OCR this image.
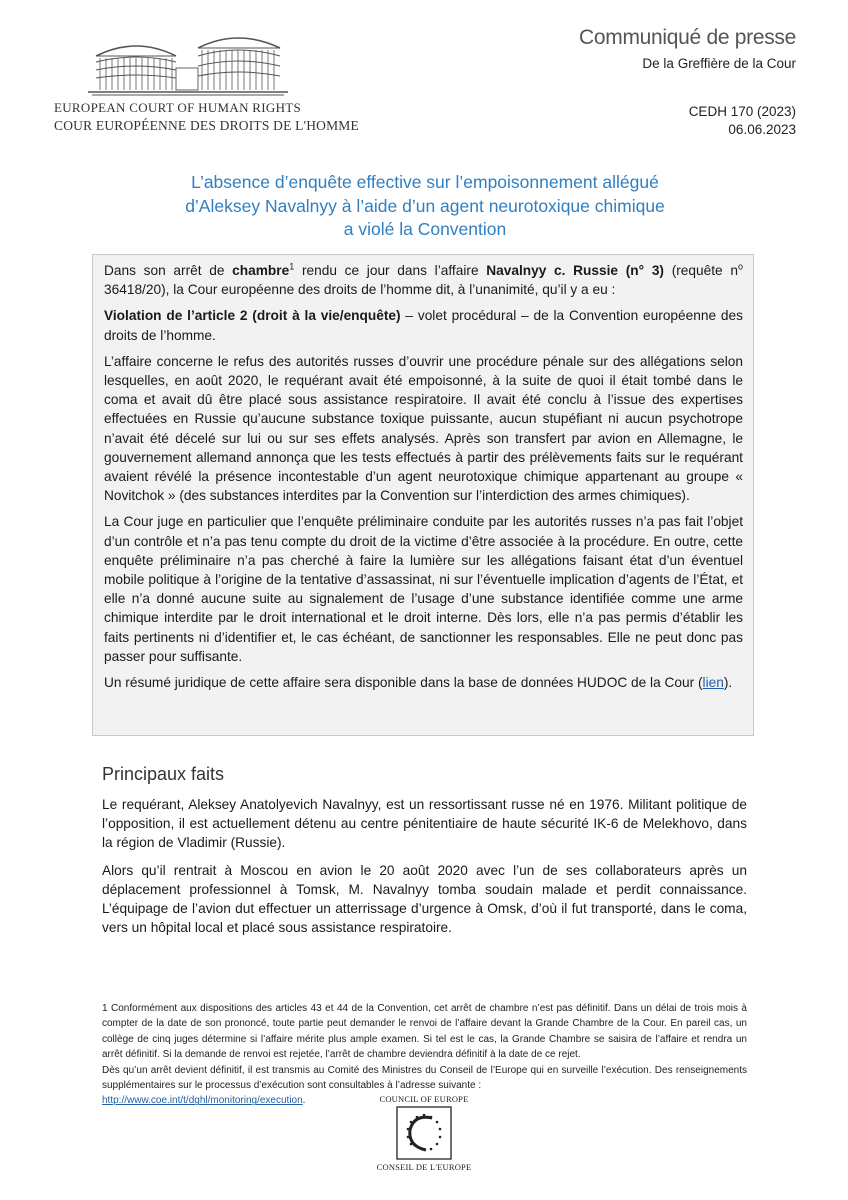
EUROPEAN COURT OF HUMAN RIGHTS
COUR EUROPÉENNE DES DROITS DE L'HOMME
Communiqué de presse
De la Greffière de la Cour
CEDH 170 (2023)
06.06.2023
L’absence d’enquête effective sur l’empoisonnement allégué
d’Aleksey Navalnyy à l’aide d’un agent neurotoxique chimique
a violé la Convention

Dans son arrêt de chambre$^1$ rendu ce jour dans l’affaire Navalnyy c. Russie (n° 3) (requête $n^o$ 36418/20), la Cour européenne des droits de l’homme dit, à l’unanimité, qu’il y a eu :

Violation de l’article 2 (droit à la vie/enquête) – volet procédural – de la Convention européenne des droits de l’homme.

L’affaire concerne le refus des autorités russes d’ouvrir une procédure pénale sur des allégations selon lesquelles, en août 2020, le requérant avait été empoisonné, à la suite de quoi il était tombé dans le coma et avait dû être placé sous assistance respiratoire. Il avait été conclu à l’issue des expertises effectuées en Russie qu’aucune substance toxique puissante, aucun stupéfiant ni aucun psychotrope n’avait été décelé sur lui ou sur ses effets analysés. Après son transfert par avion en Allemagne, le gouvernement allemand annonça que les tests effectués à partir des prélèvements faits sur le requérant avaient révélé la présence incontestable d’un agent neurotoxique chimique appartenant au groupe « Novitchok » (des substances interdites par la Convention sur l’interdiction des armes chimiques).

La Cour juge en particulier que l’enquête préliminaire conduite par les autorités russes n’a pas fait l’objet d’un contrôle et n’a pas tenu compte du droit de la victime d’être associée à la procédure. En outre, cette enquête préliminaire n’a pas cherché à faire la lumière sur les allégations faisant état d’un éventuel mobile politique à l’origine de la tentative d’assassinat, ni sur l’éventuelle implication d’agents de l’État, et elle n’a donné aucune suite au signalement de l’usage d’une substance identifiée comme une arme chimique interdite par le droit international et le droit interne. Dès lors, elle n’a pas permis d’établir les faits pertinents ni d’identifier et, le cas échéant, de sanctionner les responsables. Elle ne peut donc pas passer pour suffisante.

Un résumé juridique de cette affaire sera disponible dans la base de données HUDOC de la Cour (lien).

Principaux faits

Le requérant, Aleksey Anatolyevich Navalnyy, est un ressortissant russe né en 1976. Militant politique de l’opposition, il est actuellement détenu au centre pénitentiaire de haute sécurité IK-6 de Melekhovo, dans la région de Vladimir (Russie).

Alors qu’il rentrait à Moscou en avion le 20 août 2020 avec l’un de ses collaborateurs après un déplacement professionnel à Tomsk, M. Navalnyy tomba soudain malade et perdit connaissance. L’équipage de l’avion dut effectuer un atterrissage d’urgence à Omsk, d’où il fut transporté, dans le coma, vers un hôpital local et placé sous assistance respiratoire.

1 Conformément aux dispositions des articles 43 et 44 de la Convention, cet arrêt de chambre n’est pas définitif. Dans un délai de trois mois à compter de la date de son prononcé, toute partie peut demander le renvoi de l’affaire devant la Grande Chambre de la Cour. En pareil cas, un collège de cinq juges détermine si l’affaire mérite plus ample examen. Si tel est le cas, la Grande Chambre se saisira de l’affaire et rendra un arrêt définitif. Si la demande de renvoi est rejetée, l’arrêt de chambre deviendra définitif à la date de ce rejet.

Dès qu’un arrêt devient définitif, il est transmis au Comité des Ministres du Conseil de l’Europe qui en surveille l’exécution. Des renseignements supplémentaires sur le processus d’exécution sont consultables à l’adresse suivante :
http://www.coe.int/t/dghl/monitoring/execution.	COUNCIL OF EUROPE
CONSEIL DE L'EUROPE
